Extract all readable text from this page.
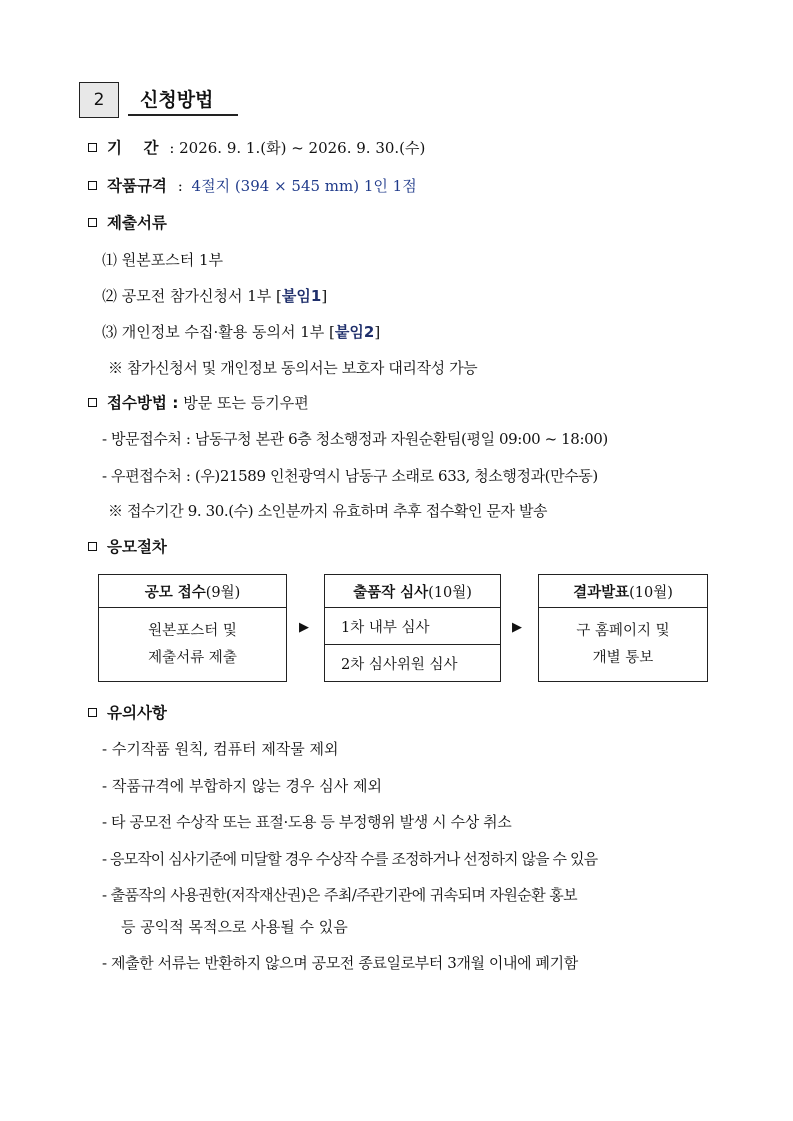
2	신청방법
기    간 : 2026. 9. 1.(화) ~ 2026. 9. 30.(수)
작품규격 : 4절지 (394 × 545 mm) 1인 1점
제출서류
⑴ 원본포스터 1부
⑵ 공모전 참가신청서 1부 [붙임1]
⑶ 개인정보 수집·활용 동의서 1부 [붙임2]
※ 참가신청서 및 개인정보 동의서는 보호자 대리작성 가능
접수방법 : 방문 또는 등기우편
- 방문접수처 : 남동구청 본관 6층 청소행정과 자원순환팀(평일 09:00 ~ 18:00)
- 우편접수처 : (우)21589 인천광역시 남동구 소래로 633, 청소행정과(만수동)
※ 접수기간 9. 30.(수) 소인분까지 유효하며 추후 접수확인 문자 발송
응모절차
공모 접수 (9월)
원본포스터 및
제출서류 제출
▶
출품작 심사 (10월)
1차 내부 심사
2차 심사위원 심사
▶
결과발표 (10월)
구 홈페이지 및
개별 통보
유의사항
- 수기작품 원칙, 컴퓨터 제작물 제외
- 작품규격에 부합하지 않는 경우 심사 제외
- 타 공모전 수상작 또는 표절·도용 등 부정행위 발생 시 수상 취소
- 응모작이 심사기준에 미달할 경우 수상작 수를 조정하거나 선정하지 않을 수 있음
- 출품작의 사용권한(저작재산권)은 주최/주관기관에 귀속되며 자원순환 홍보
등 공익적 목적으로 사용될 수 있음
- 제출한 서류는 반환하지 않으며 공모전 종료일로부터 3개월 이내에 폐기함
